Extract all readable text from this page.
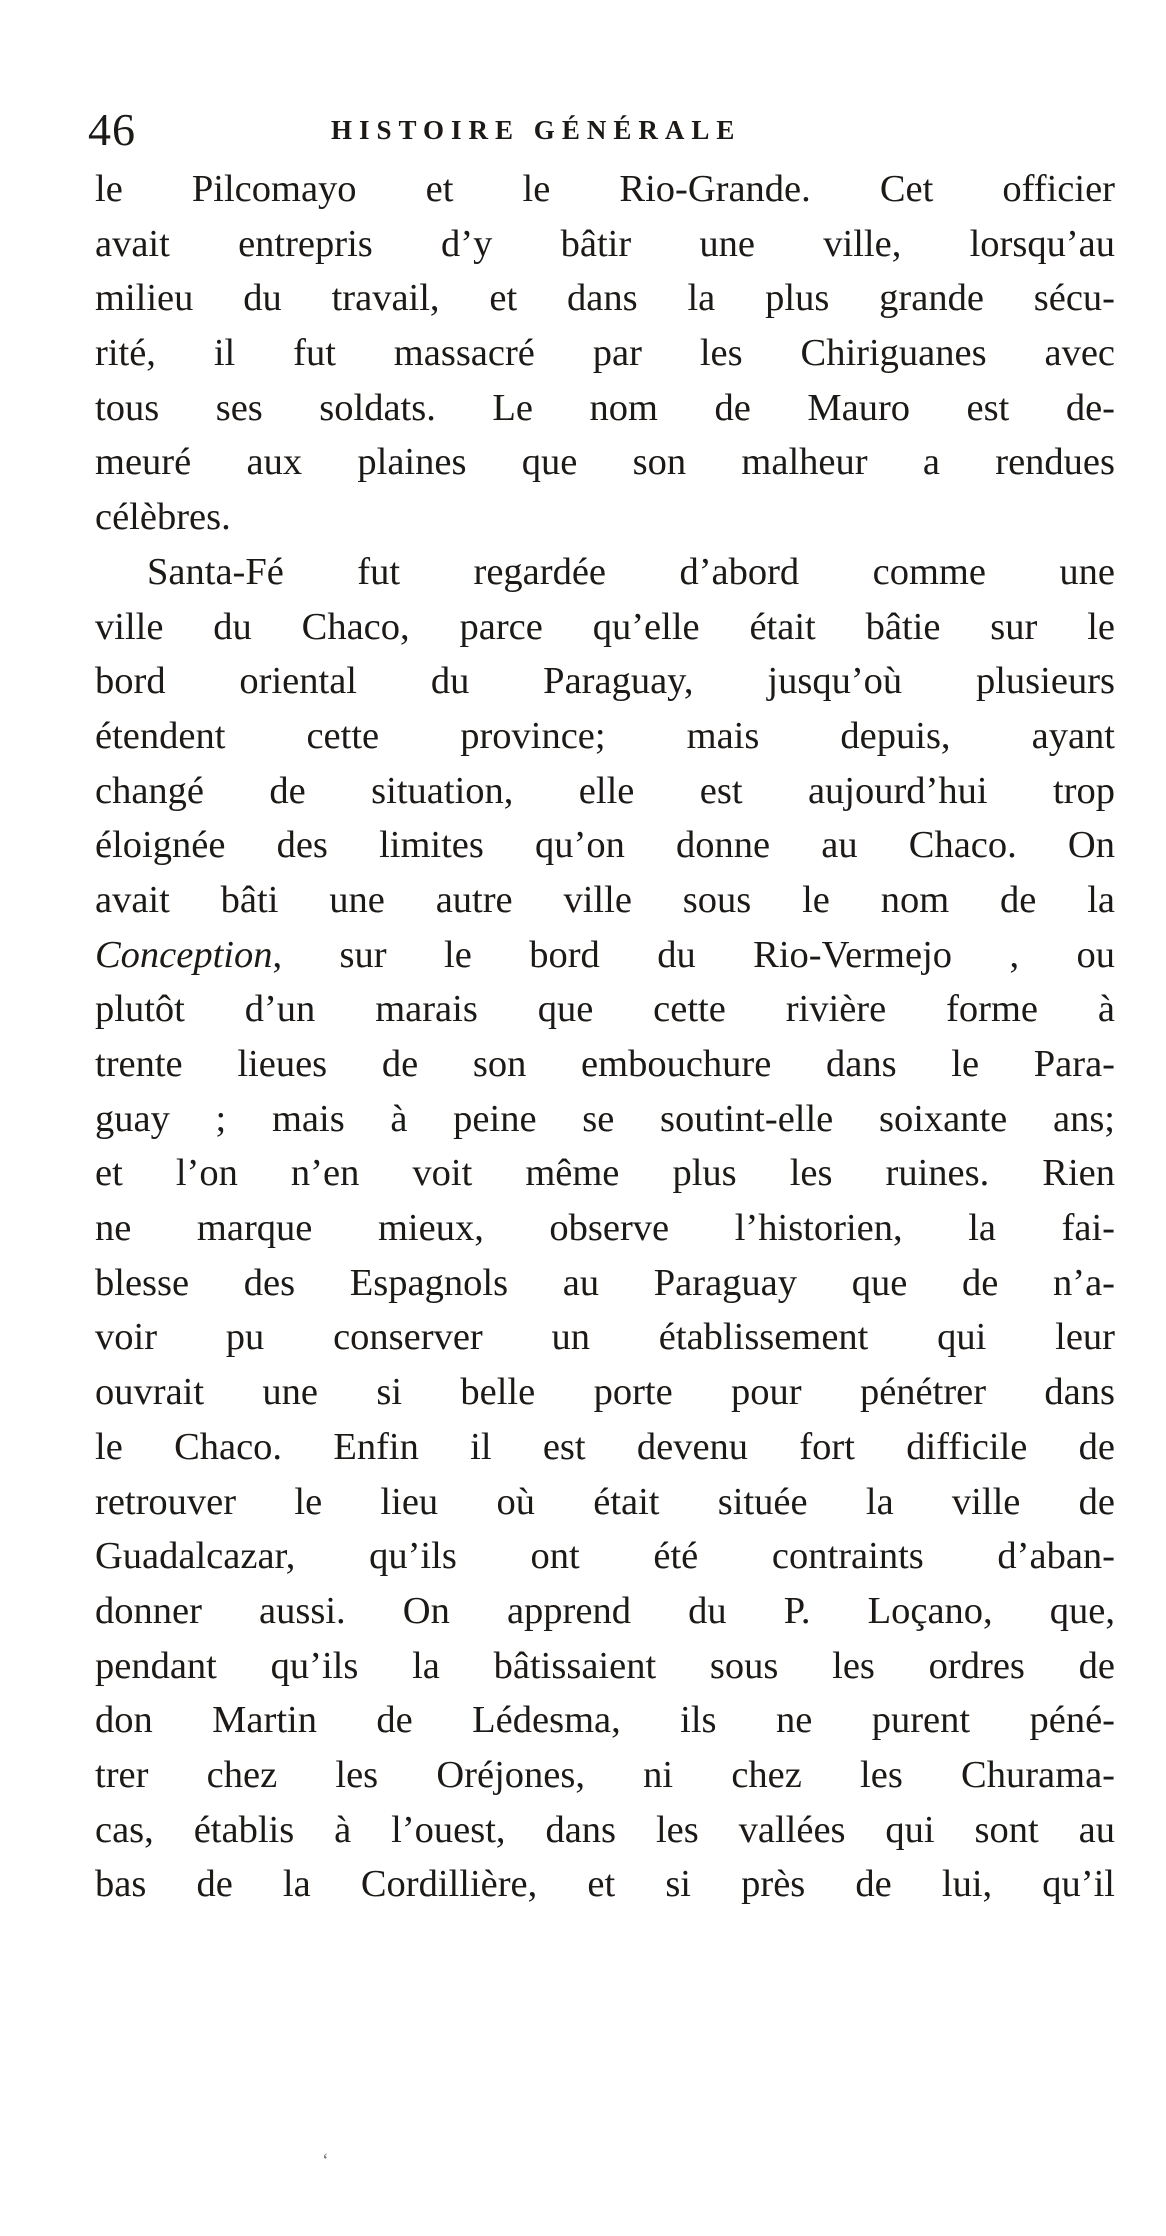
46	HISTOIRE GÉNÉRALE
le Pilcomayo et le Rio-Grande. Cet officier
avait entrepris d’y bâtir une ville, lorsqu’au
milieu du travail, et dans la plus grande sécu-
rité, il fut massacré par les Chiriguanes avec
tous ses soldats. Le nom de Mauro est de-
meuré aux plaines que son malheur a rendues
célèbres.
Santa-Fé fut regardée d’abord comme une
ville du Chaco, parce qu’elle était bâtie sur le
bord oriental du Paraguay, jusqu’où plusieurs
étendent cette province; mais depuis, ayant
changé de situation, elle est aujourd’hui trop
éloignée des limites qu’on donne au Chaco. On
avait bâti une autre ville sous le nom de la
Conception, sur le bord du Rio-Vermejo , ou
plutôt d’un marais que cette rivière forme à
trente lieues de son embouchure dans le Para-
guay ; mais à peine se soutint-elle soixante ans;
et l’on n’en voit même plus les ruines. Rien
ne marque mieux, observe l’historien, la fai-
blesse des Espagnols au Paraguay que de n’a-
voir pu conserver un établissement qui leur
ouvrait une si belle porte pour pénétrer dans
le Chaco. Enfin il est devenu fort difficile de
retrouver le lieu où était située la ville de
Guadalcazar, qu’ils ont été contraints d’aban-
donner aussi. On apprend du P. Loçano, que,
pendant qu’ils la bâtissaient sous les ordres de
don Martin de Lédesma, ils ne purent péné-
trer chez les Oréjones, ni chez les Churama-
cas, établis à l’ouest, dans les vallées qui sont au
bas de la Cordillière, et si près de lui, qu’il
ʻ
